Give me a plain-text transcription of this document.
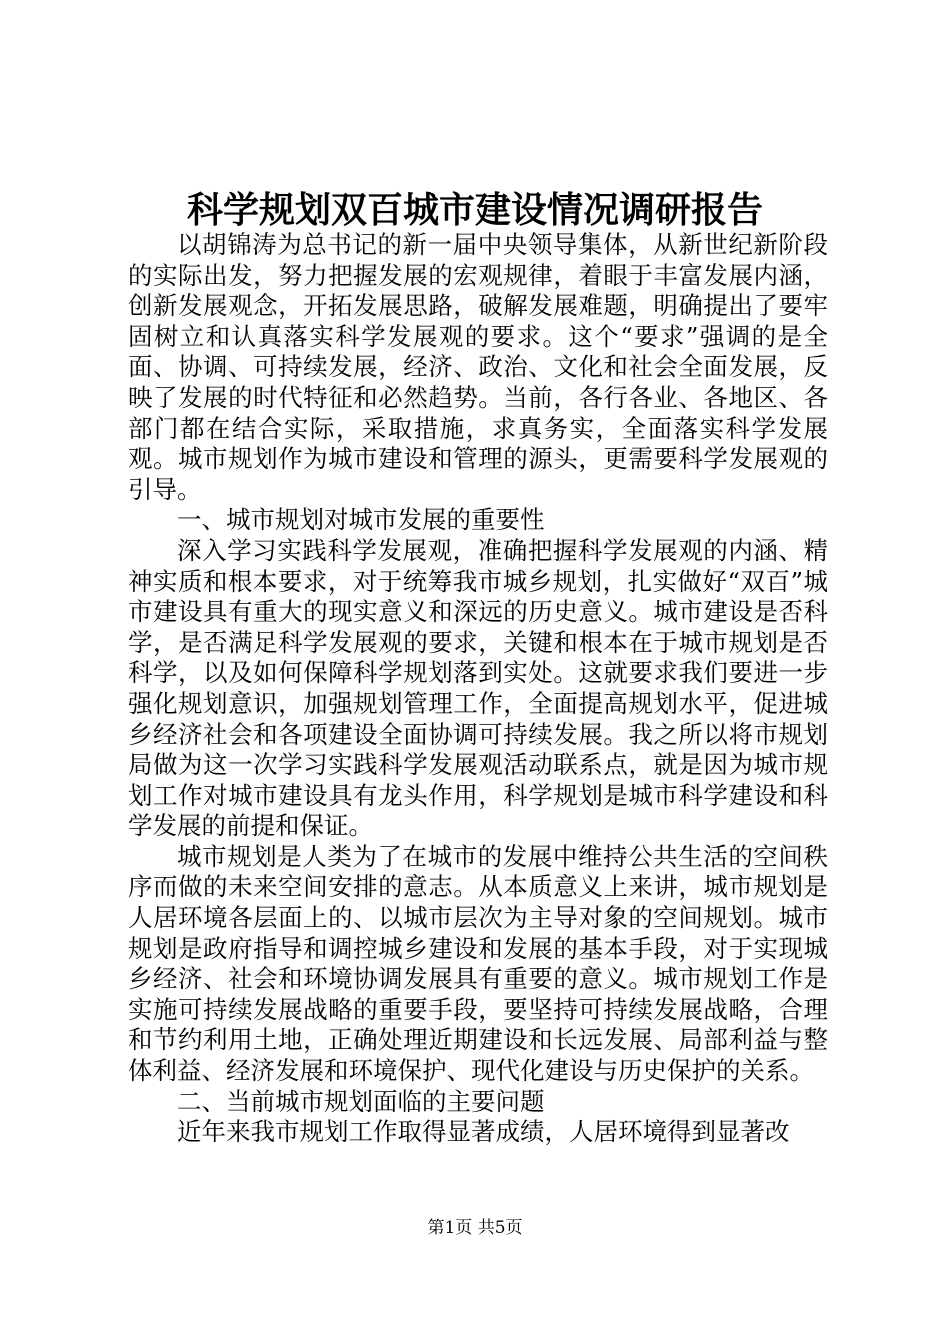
科学规划双百城市建设情况调研报告

以胡锦涛为总书记的新一届中央领导集体，从新世纪新阶段的实际出发，努力把握发展的宏观规律，着眼于丰富发展内涵，创新发展观念，开拓发展思路，破解发展难题，明确提出了要牢固树立和认真落实科学发展观的要求。这个“要求”强调的是全面、协调、可持续发展，经济、政治、文化和社会全面发展，反映了发展的时代特征和必然趋势。当前，各行各业、各地区、各部门都在结合实际，采取措施，求真务实，全面落实科学发展观。城市规划作为城市建设和管理的源头，更需要科学发展观的引导。

一、城市规划对城市发展的重要性

深入学习实践科学发展观，准确把握科学发展观的内涵、精神实质和根本要求，对于统筹我市城乡规划，扎实做好“双百”城市建设具有重大的现实意义和深远的历史意义。城市建设是否科学，是否满足科学发展观的要求，关键和根本在于城市规划是否科学，以及如何保障科学规划落到实处。这就要求我们要进一步强化规划意识，加强规划管理工作，全面提高规划水平，促进城乡经济社会和各项建设全面协调可持续发展。我之所以将市规划局做为这一次学习实践科学发展观活动联系点，就是因为城市规划工作对城市建设具有龙头作用，科学规划是城市科学建设和科学发展的前提和保证。

城市规划是人类为了在城市的发展中维持公共生活的空间秩序而做的未来空间安排的意志。从本质意义上来讲，城市规划是人居环境各层面上的、以城市层次为主导对象的空间规划。城市规划是政府指导和调控城乡建设和发展的基本手段，对于实现城乡经济、社会和环境协调发展具有重要的意义。城市规划工作是实施可持续发展战略的重要手段，要坚持可持续发展战略，合理和节约利用土地，正确处理近期建设和长远发展、局部利益与整体利益、经济发展和环境保护、现代化建设与历史保护的关系。

二、当前城市规划面临的主要问题

近年来我市规划工作取得显著成绩，人居环境得到显著改

第1页 共5页
